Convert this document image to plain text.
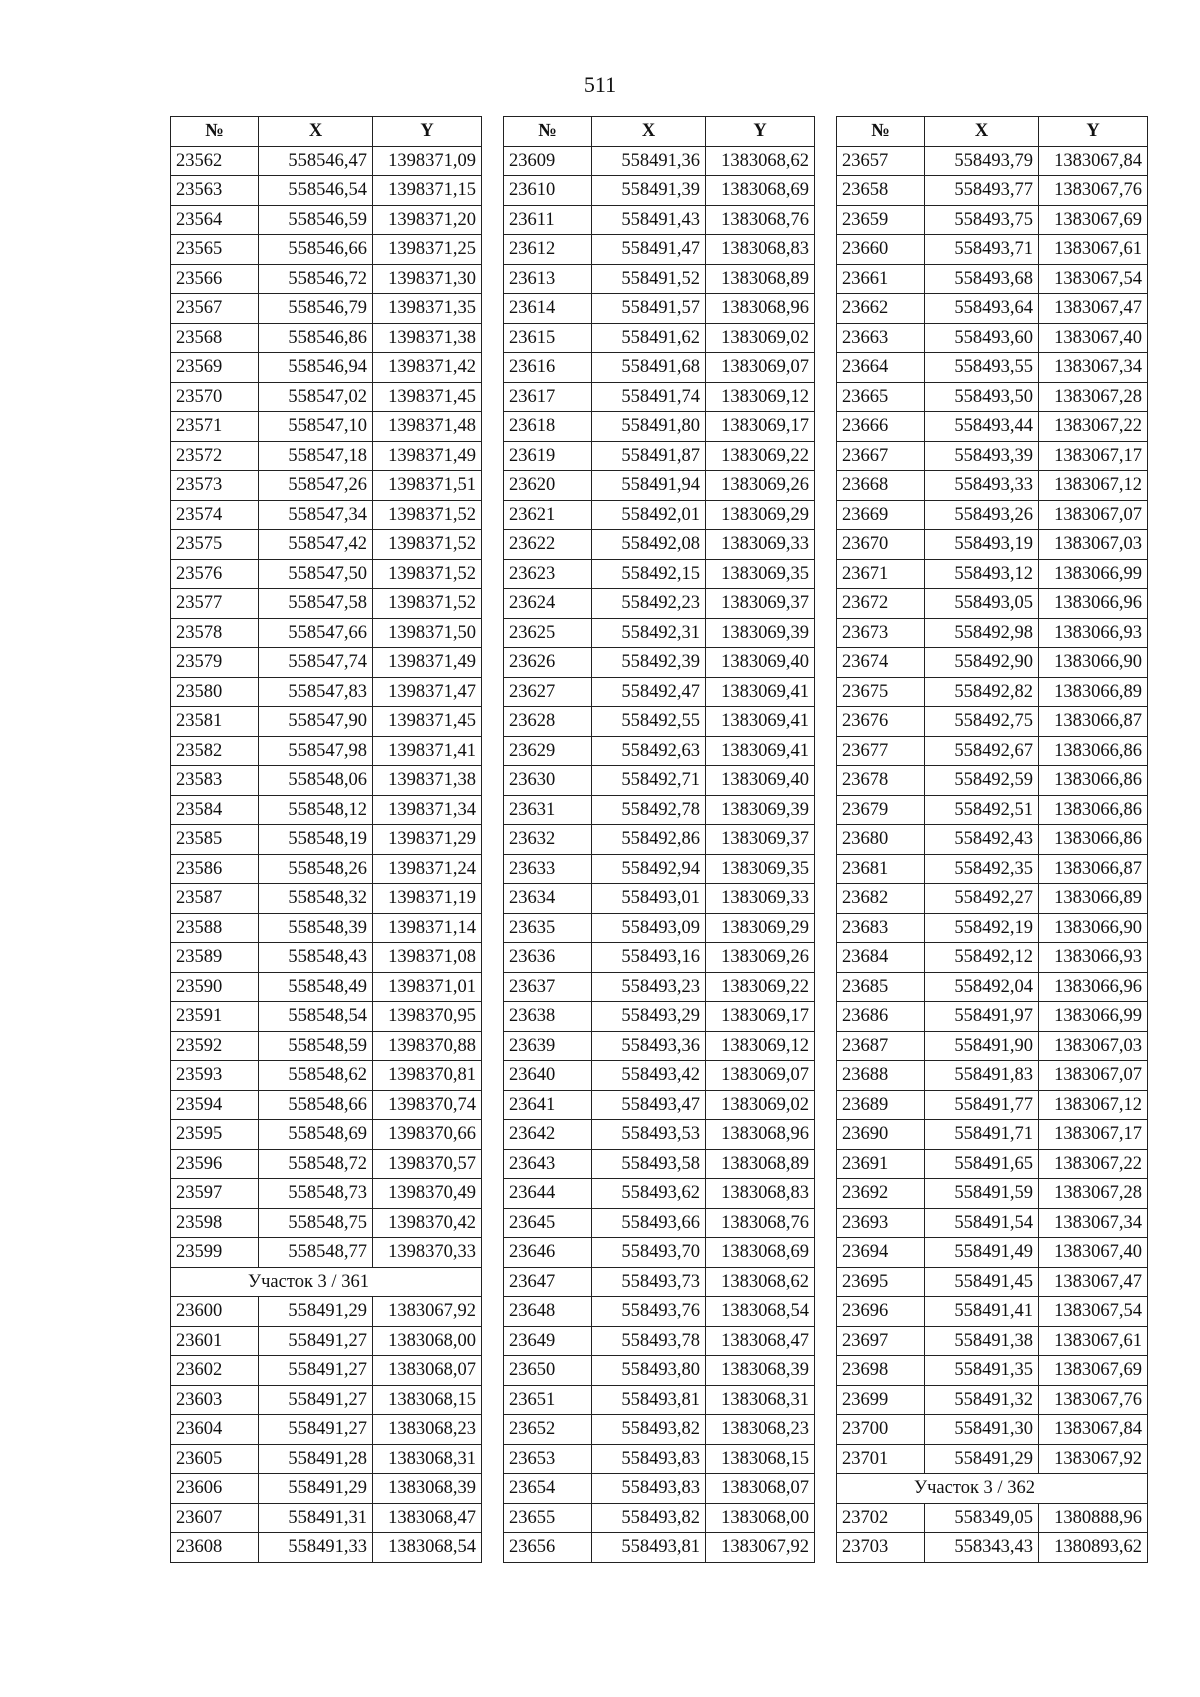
511
№	X	Y
23562	558546,47	1398371,09
23563	558546,54	1398371,15
23564	558546,59	1398371,20
23565	558546,66	1398371,25
23566	558546,72	1398371,30
23567	558546,79	1398371,35
23568	558546,86	1398371,38
23569	558546,94	1398371,42
23570	558547,02	1398371,45
23571	558547,10	1398371,48
23572	558547,18	1398371,49
23573	558547,26	1398371,51
23574	558547,34	1398371,52
23575	558547,42	1398371,52
23576	558547,50	1398371,52
23577	558547,58	1398371,52
23578	558547,66	1398371,50
23579	558547,74	1398371,49
23580	558547,83	1398371,47
23581	558547,90	1398371,45
23582	558547,98	1398371,41
23583	558548,06	1398371,38
23584	558548,12	1398371,34
23585	558548,19	1398371,29
23586	558548,26	1398371,24
23587	558548,32	1398371,19
23588	558548,39	1398371,14
23589	558548,43	1398371,08
23590	558548,49	1398371,01
23591	558548,54	1398370,95
23592	558548,59	1398370,88
23593	558548,62	1398370,81
23594	558548,66	1398370,74
23595	558548,69	1398370,66
23596	558548,72	1398370,57
23597	558548,73	1398370,49
23598	558548,75	1398370,42
23599	558548,77	1398370,33
Участок 3 / 361		
23600	558491,29	1383067,92
23601	558491,27	1383068,00
23602	558491,27	1383068,07
23603	558491,27	1383068,15
23604	558491,27	1383068,23
23605	558491,28	1383068,31
23606	558491,29	1383068,39
23607	558491,31	1383068,47
23608	558491,33	1383068,54
№	X	Y
23609	558491,36	1383068,62
23610	558491,39	1383068,69
23611	558491,43	1383068,76
23612	558491,47	1383068,83
23613	558491,52	1383068,89
23614	558491,57	1383068,96
23615	558491,62	1383069,02
23616	558491,68	1383069,07
23617	558491,74	1383069,12
23618	558491,80	1383069,17
23619	558491,87	1383069,22
23620	558491,94	1383069,26
23621	558492,01	1383069,29
23622	558492,08	1383069,33
23623	558492,15	1383069,35
23624	558492,23	1383069,37
23625	558492,31	1383069,39
23626	558492,39	1383069,40
23627	558492,47	1383069,41
23628	558492,55	1383069,41
23629	558492,63	1383069,41
23630	558492,71	1383069,40
23631	558492,78	1383069,39
23632	558492,86	1383069,37
23633	558492,94	1383069,35
23634	558493,01	1383069,33
23635	558493,09	1383069,29
23636	558493,16	1383069,26
23637	558493,23	1383069,22
23638	558493,29	1383069,17
23639	558493,36	1383069,12
23640	558493,42	1383069,07
23641	558493,47	1383069,02
23642	558493,53	1383068,96
23643	558493,58	1383068,89
23644	558493,62	1383068,83
23645	558493,66	1383068,76
23646	558493,70	1383068,69
23647	558493,73	1383068,62
23648	558493,76	1383068,54
23649	558493,78	1383068,47
23650	558493,80	1383068,39
23651	558493,81	1383068,31
23652	558493,82	1383068,23
23653	558493,83	1383068,15
23654	558493,83	1383068,07
23655	558493,82	1383068,00
23656	558493,81	1383067,92
№	X	Y
23657	558493,79	1383067,84
23658	558493,77	1383067,76
23659	558493,75	1383067,69
23660	558493,71	1383067,61
23661	558493,68	1383067,54
23662	558493,64	1383067,47
23663	558493,60	1383067,40
23664	558493,55	1383067,34
23665	558493,50	1383067,28
23666	558493,44	1383067,22
23667	558493,39	1383067,17
23668	558493,33	1383067,12
23669	558493,26	1383067,07
23670	558493,19	1383067,03
23671	558493,12	1383066,99
23672	558493,05	1383066,96
23673	558492,98	1383066,93
23674	558492,90	1383066,90
23675	558492,82	1383066,89
23676	558492,75	1383066,87
23677	558492,67	1383066,86
23678	558492,59	1383066,86
23679	558492,51	1383066,86
23680	558492,43	1383066,86
23681	558492,35	1383066,87
23682	558492,27	1383066,89
23683	558492,19	1383066,90
23684	558492,12	1383066,93
23685	558492,04	1383066,96
23686	558491,97	1383066,99
23687	558491,90	1383067,03
23688	558491,83	1383067,07
23689	558491,77	1383067,12
23690	558491,71	1383067,17
23691	558491,65	1383067,22
23692	558491,59	1383067,28
23693	558491,54	1383067,34
23694	558491,49	1383067,40
23695	558491,45	1383067,47
23696	558491,41	1383067,54
23697	558491,38	1383067,61
23698	558491,35	1383067,69
23699	558491,32	1383067,76
23700	558491,30	1383067,84
23701	558491,29	1383067,92
Участок 3 / 362		
23702	558349,05	1380888,96
23703	558343,43	1380893,62
